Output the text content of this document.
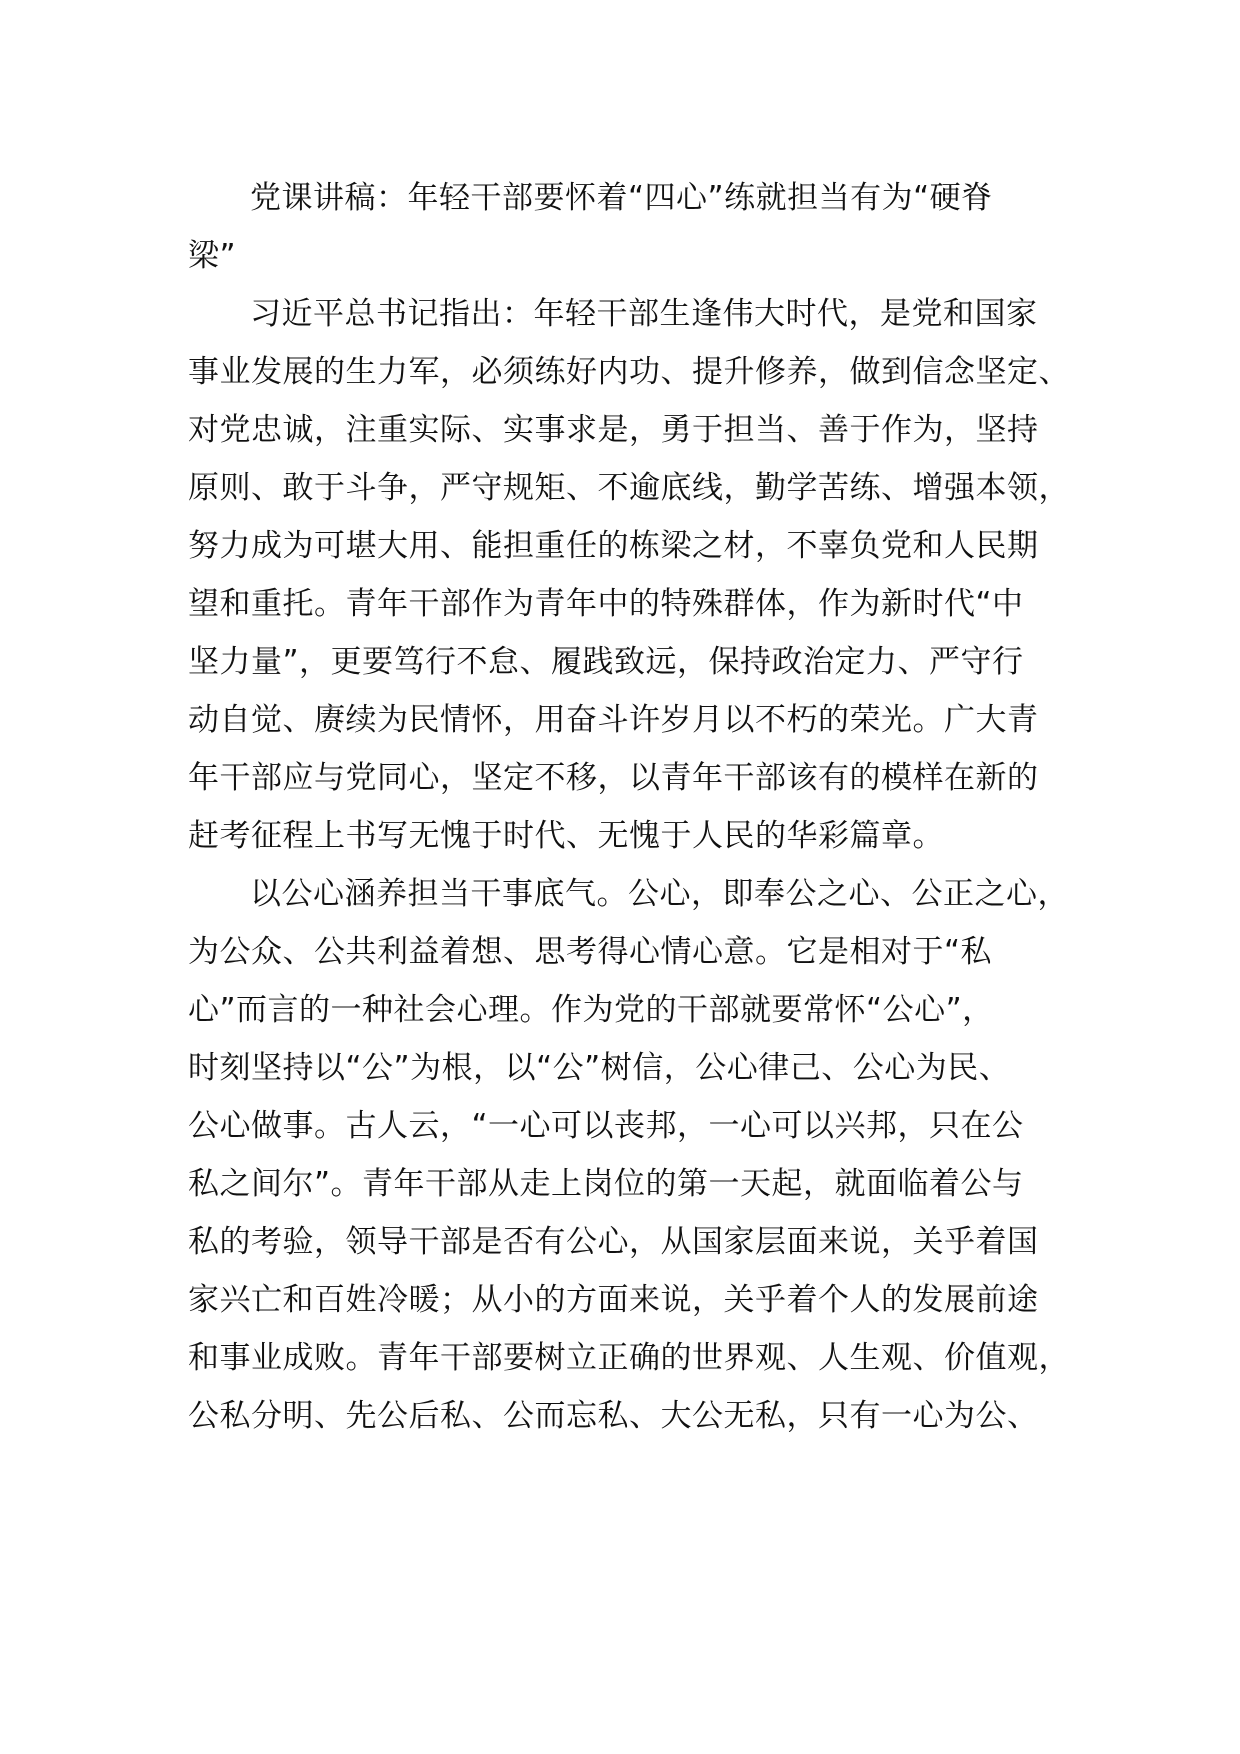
党课讲稿：年轻干部要怀着“四心”练就担当有为“硬脊
梁”
习近平总书记指出：年轻干部生逢伟大时代，是党和国家
事业发展的生力军，必须练好内功、提升修养，做到信念坚定、
对党忠诚，注重实际、实事求是，勇于担当、善于作为，坚持
原则、敢于斗争，严守规矩、不逾底线，勤学苦练、增强本领，
努力成为可堪大用、能担重任的栋梁之材，不辜负党和人民期
望和重托。青年干部作为青年中的特殊群体，作为新时代“中
坚力量”，更要笃行不怠、履践致远，保持政治定力、严守行
动自觉、赓续为民情怀，用奋斗许岁月以不朽的荣光。广大青
年干部应与党同心，坚定不移，以青年干部该有的模样在新的
赶考征程上书写无愧于时代、无愧于人民的华彩篇章。
以公心涵养担当干事底气。公心，即奉公之心、公正之心，
为公众、公共利益着想、思考得心情心意。它是相对于“私
心”而言的一种社会心理。作为党的干部就要常怀“公心”，
时刻坚持以“公”为根，以“公”树信，公心律己、公心为民、
公心做事。古人云，“一心可以丧邦，一心可以兴邦，只在公
私之间尔”。青年干部从走上岗位的第一天起，就面临着公与
私的考验，领导干部是否有公心，从国家层面来说，关乎着国
家兴亡和百姓冷暖；从小的方面来说，关乎着个人的发展前途
和事业成败。青年干部要树立正确的世界观、人生观、价值观，
公私分明、先公后私、公而忘私、大公无私，只有一心为公、
